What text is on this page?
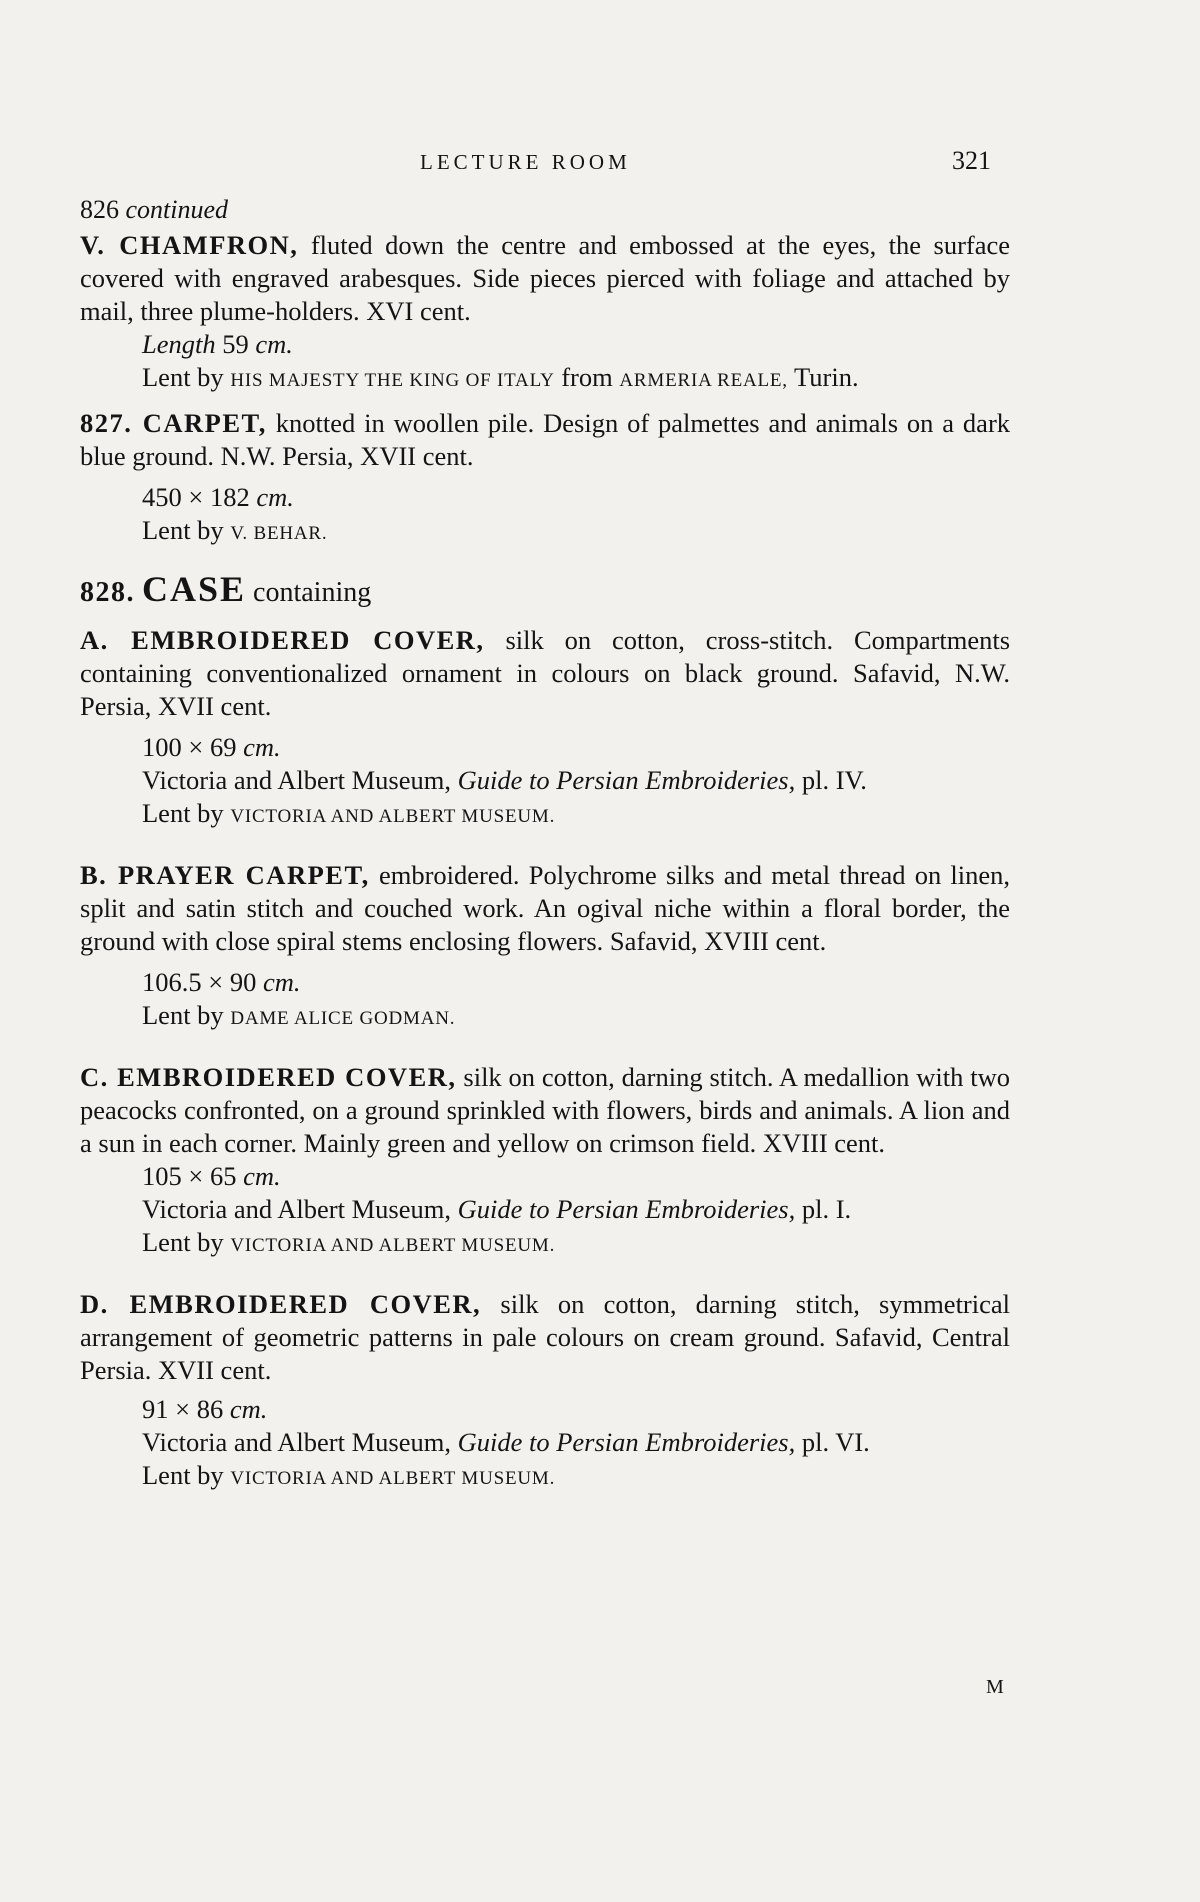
LECTURE ROOM	321
826 continued
V. CHAMFRON, fluted down the centre and embossed at the eyes, the surface covered with engraved arabesques. Side pieces pierced with foliage and attached by mail, three plume-holders. XVI cent.
Length 59 cm.
Lent by HIS MAJESTY THE KING OF ITALY from ARMERIA REALE, Turin.
827. CARPET, knotted in woollen pile. Design of palmettes and animals on a dark blue ground. N.W. Persia, XVII cent.
450 × 182 cm.
Lent by V. BEHAR.
828. CASE containing
A. EMBROIDERED COVER, silk on cotton, cross-stitch. Compartments containing conventionalized ornament in colours on black ground. Safavid, N.W. Persia, XVII cent.
100 × 69 cm.
Victoria and Albert Museum, Guide to Persian Embroideries, pl. IV.
Lent by VICTORIA AND ALBERT MUSEUM.
B. PRAYER CARPET, embroidered. Polychrome silks and metal thread on linen, split and satin stitch and couched work. An ogival niche within a floral border, the ground with close spiral stems enclosing flowers. Safavid, XVIII cent.
106.5 × 90 cm.
Lent by DAME ALICE GODMAN.
C. EMBROIDERED COVER, silk on cotton, darning stitch. A medallion with two peacocks confronted, on a ground sprinkled with flowers, birds and animals. A lion and a sun in each corner. Mainly green and yellow on crimson field. XVIII cent.
105 × 65 cm.
Victoria and Albert Museum, Guide to Persian Embroideries, pl. I.
Lent by VICTORIA AND ALBERT MUSEUM.
D. EMBROIDERED COVER, silk on cotton, darning stitch, symmetrical arrangement of geometric patterns in pale colours on cream ground. Safavid, Central Persia. XVII cent.
91 × 86 cm.
Victoria and Albert Museum, Guide to Persian Embroideries, pl. VI.
Lent by VICTORIA AND ALBERT MUSEUM.
M
